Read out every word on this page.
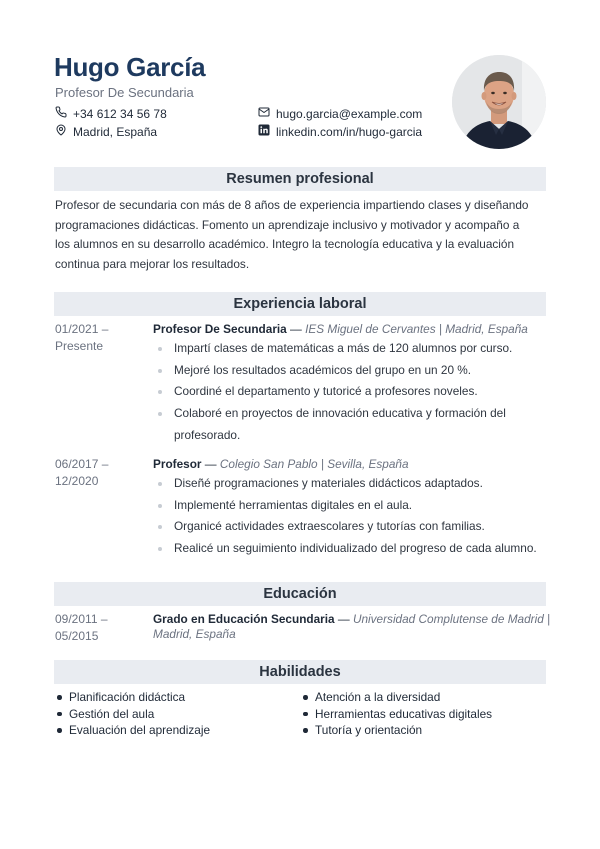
Hugo García
Profesor De Secundaria
+34 612 34 56 78
Madrid, España
hugo.garcia@example.com
linkedin.com/in/hugo-garcia
Resumen profesional

Profesor de secundaria con más de 8 años de experiencia impartiendo clases y diseñando programaciones didácticas. Fomento un aprendizaje inclusivo y motivador y acompaño a los alumnos en su desarrollo académico. Integro la tecnología educativa y la evaluación continua para mejorar los resultados.

Experiencia laboral
01/2021 –
Presente
Profesor De Secundaria — IES Miguel de Cervantes | Madrid, España
Impartí clases de matemáticas a más de 120 alumnos por curso.
Mejoré los resultados académicos del grupo en un 20 %.
Coordiné el departamento y tutoricé a profesores noveles.
Colaboré en proyectos de innovación educativa y formación del profesorado.
06/2017 –
12/2020
Profesor — Colegio San Pablo | Sevilla, España
Diseñé programaciones y materiales didácticos adaptados.
Implementé herramientas digitales en el aula.
Organicé actividades extraescolares y tutorías con familias.
Realicé un seguimiento individualizado del progreso de cada alumno.
Educación
09/2011 –
05/2015
Grado en Educación Secundaria — Universidad Complutense de Madrid |
Madrid, España
Habilidades
Planificación didáctica
Gestión del aula
Evaluación del aprendizaje
Atención a la diversidad
Herramientas educativas digitales
Tutoría y orientación
